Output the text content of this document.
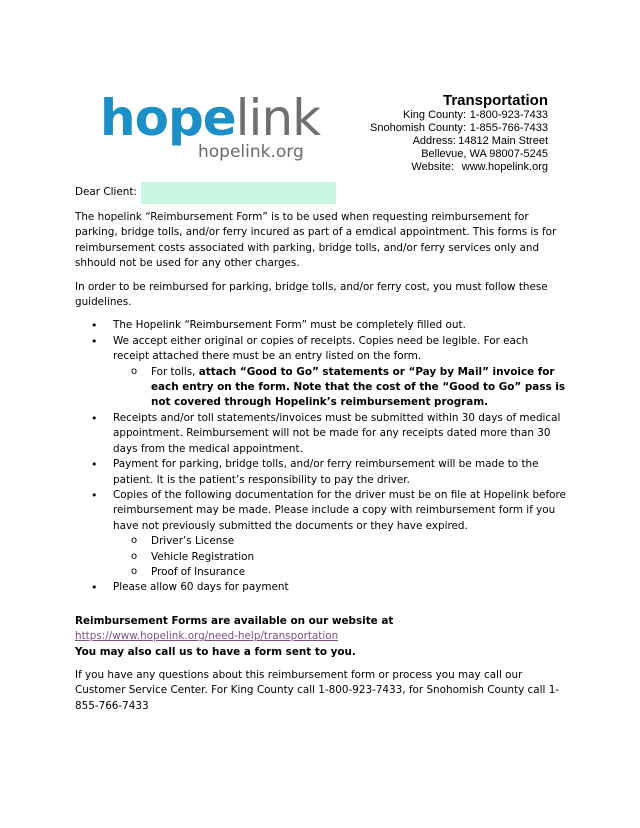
hopelink
hopelink.org
Transportation
King County: 1-800-923-7433
Snohomish County: 1-855-766-7433
Address: 14812 Main Street
Bellevue, WA 98007-5245
Website: www.hopelink.org
Dear Client:

The hopelink “Reimbursement Form” is to be used when requesting reimbursement for parking, bridge tolls, and/or ferry incured as part of a emdical appointment. This forms is for reimbursement costs associated with parking, bridge tolls, and/or ferry services only and shhould not be used for any other charges.

In order to be reimbursed for parking, bridge tolls, and/or ferry cost, you must follow these guidelines.

• The Hopelink “Reimbursement Form” must be completely filled out.
• We accept either original or copies of receipts. Copies need be legible. For each receipt attached there must be an entry listed on the form.
o For tolls, attach “Good to Go” statements or “Pay by Mail” invoice for each entry on the form. Note that the cost of the “Good to Go” pass is not covered through Hopelink’s reimbursement program.
• Receipts and/or toll statements/invoices must be submitted within 30 days of medical appointment. Reimbursement will not be made for any receipts dated more than 30 days from the medical appointment.
• Payment for parking, bridge tolls, and/or ferry reimbursement will be made to the patient. It is the patient’s responsibility to pay the driver.
• Copies of the following documentation for the driver must be on file at Hopelink before reimbursement may be made. Please include a copy with reimbursement form if you have not previously submitted the documents or they have expired.
o Driver’s License
o Vehicle Registration
o Proof of Insurance
• Please allow 60 days for payment
Reimbursement Forms are available on our website at
https://www.hopelink.org/need-help/transportation
You may also call us to have a form sent to you.

If you have any questions about this reimbursement form or process you may call our Customer Service Center. For King County call 1-800-923-7433, for Snohomish County call 1-855-766-7433
